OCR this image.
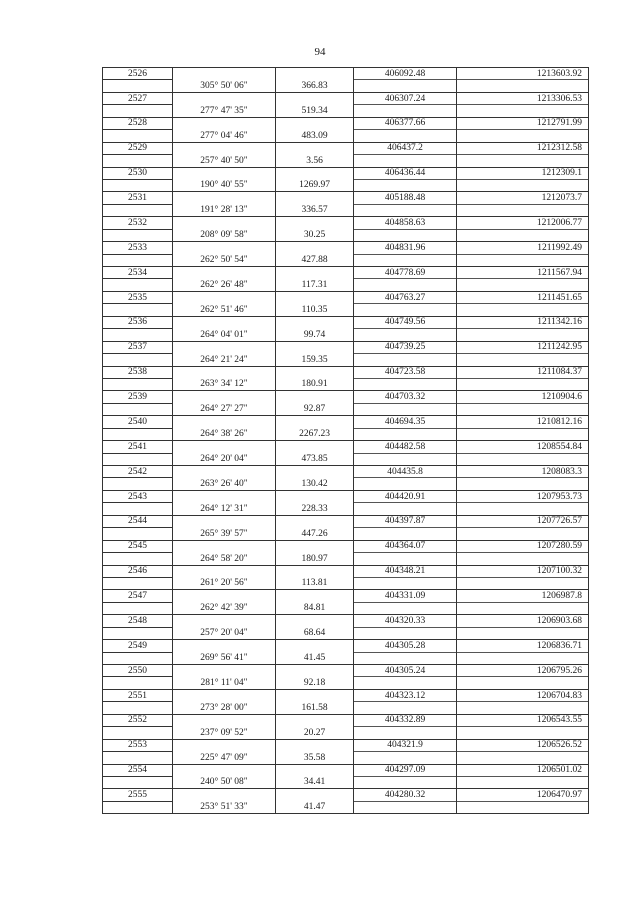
94
2526			406092.48	1213603.92
	305° 50' 06"	366.83		
2527			406307.24	1213306.53
	277° 47' 35"	519.34		
2528			406377.66	1212791.99
	277° 04' 46"	483.09		
2529			406437.2	1212312.58
	257° 40' 50"	3.56		
2530			406436.44	1212309.1
	190° 40' 55"	1269.97		
2531			405188.48	1212073.7
	191° 28' 13"	336.57		
2532			404858.63	1212006.77
	208° 09' 58"	30.25		
2533			404831.96	1211992.49
	262° 50' 54"	427.88		
2534			404778.69	1211567.94
	262° 26' 48"	117.31		
2535			404763.27	1211451.65
	262° 51' 46"	110.35		
2536			404749.56	1211342.16
	264° 04' 01"	99.74		
2537			404739.25	1211242.95
	264° 21' 24"	159.35		
2538			404723.58	1211084.37
	263° 34' 12"	180.91		
2539			404703.32	1210904.6
	264° 27' 27"	92.87		
2540			404694.35	1210812.16
	264° 38' 26"	2267.23		
2541			404482.58	1208554.84
	264° 20' 04"	473.85		
2542			404435.8	1208083.3
	263° 26' 40"	130.42		
2543			404420.91	1207953.73
	264° 12' 31"	228.33		
2544			404397.87	1207726.57
	265° 39' 57"	447.26		
2545			404364.07	1207280.59
	264° 58' 20"	180.97		
2546			404348.21	1207100.32
	261° 20' 56"	113.81		
2547			404331.09	1206987.8
	262° 42' 39"	84.81		
2548			404320.33	1206903.68
	257° 20' 04"	68.64		
2549			404305.28	1206836.71
	269° 56' 41"	41.45		
2550			404305.24	1206795.26
	281° 11' 04"	92.18		
2551			404323.12	1206704.83
	273° 28' 00"	161.58		
2552			404332.89	1206543.55
	237° 09' 52"	20.27		
2553			404321.9	1206526.52
	225° 47' 09"	35.58		
2554			404297.09	1206501.02
	240° 50' 08"	34.41		
2555			404280.32	1206470.97
	253° 51' 33"	41.47		
